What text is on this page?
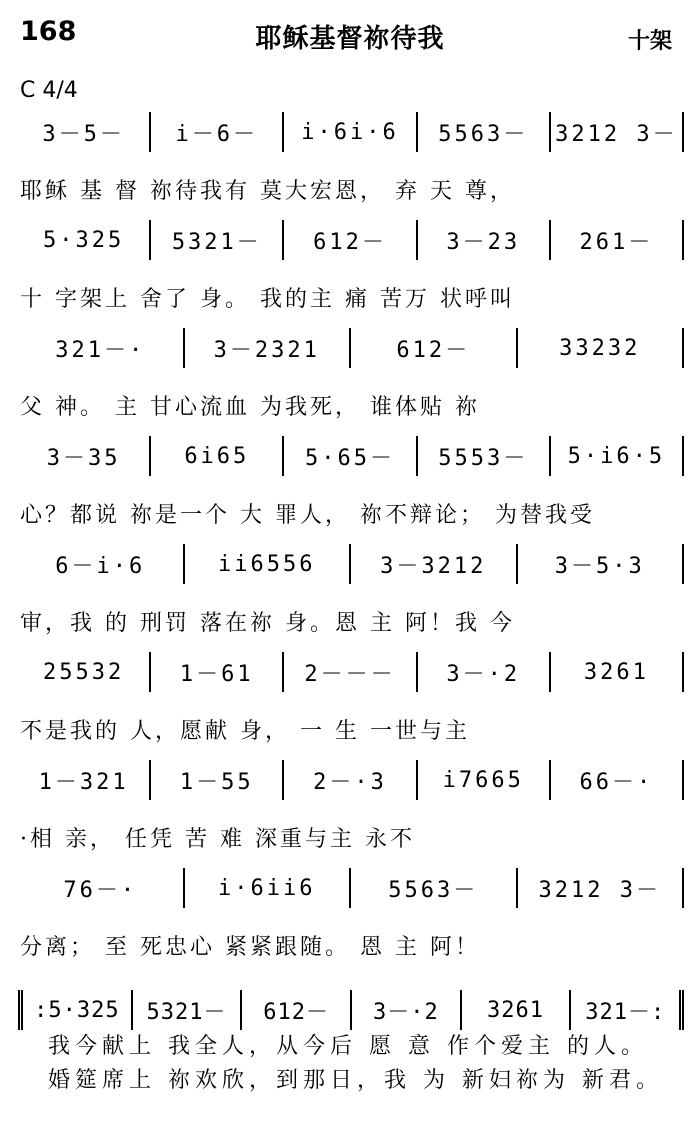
168	耶稣基督祢待我	十架
C 4/4
3－5－ i－6－ i·6i·6 5563－ 3212 3－
耶稣 基 督 祢待我有 莫大宏恩， 弃 天 尊，
5·325 5321－ 612－	3－23	261－
十 字架上 舍了 身。 我的主 痛 苦万 状呼叫
321－·	3－2321	612－	33232
父 神。 主 甘心流血 为我死， 谁体贴 祢
3－35	6i65	5·65－ 5553－ 5·i6·5
心？都说 祢是一个 大 罪人， 祢不辩论； 为替我受
6－i·6	ii6556	3－3212	3－5·3
审，我 的 刑罚 落在祢 身。恩 主 阿！我 今
25532	1－61 2－－－ 3－·2	3261
不是我的 人，愿献 身， 一 生 一世与主
1－321 1－55	2－·3	i7665	66－·
·相 亲， 任凭 苦 难 深重与主 永不
76－·	i·6ii6	5563－	3212 3－
分离； 至 死忠心 紧紧跟随。 恩 主 阿！
:5·325 5321－ 612－ 3－·2 3261 321－:
我今献上 我全人，从今后 愿 意 作个爱主 的人。
婚筵席上 祢欢欣，到那日，我 为 新妇祢为 新君。
